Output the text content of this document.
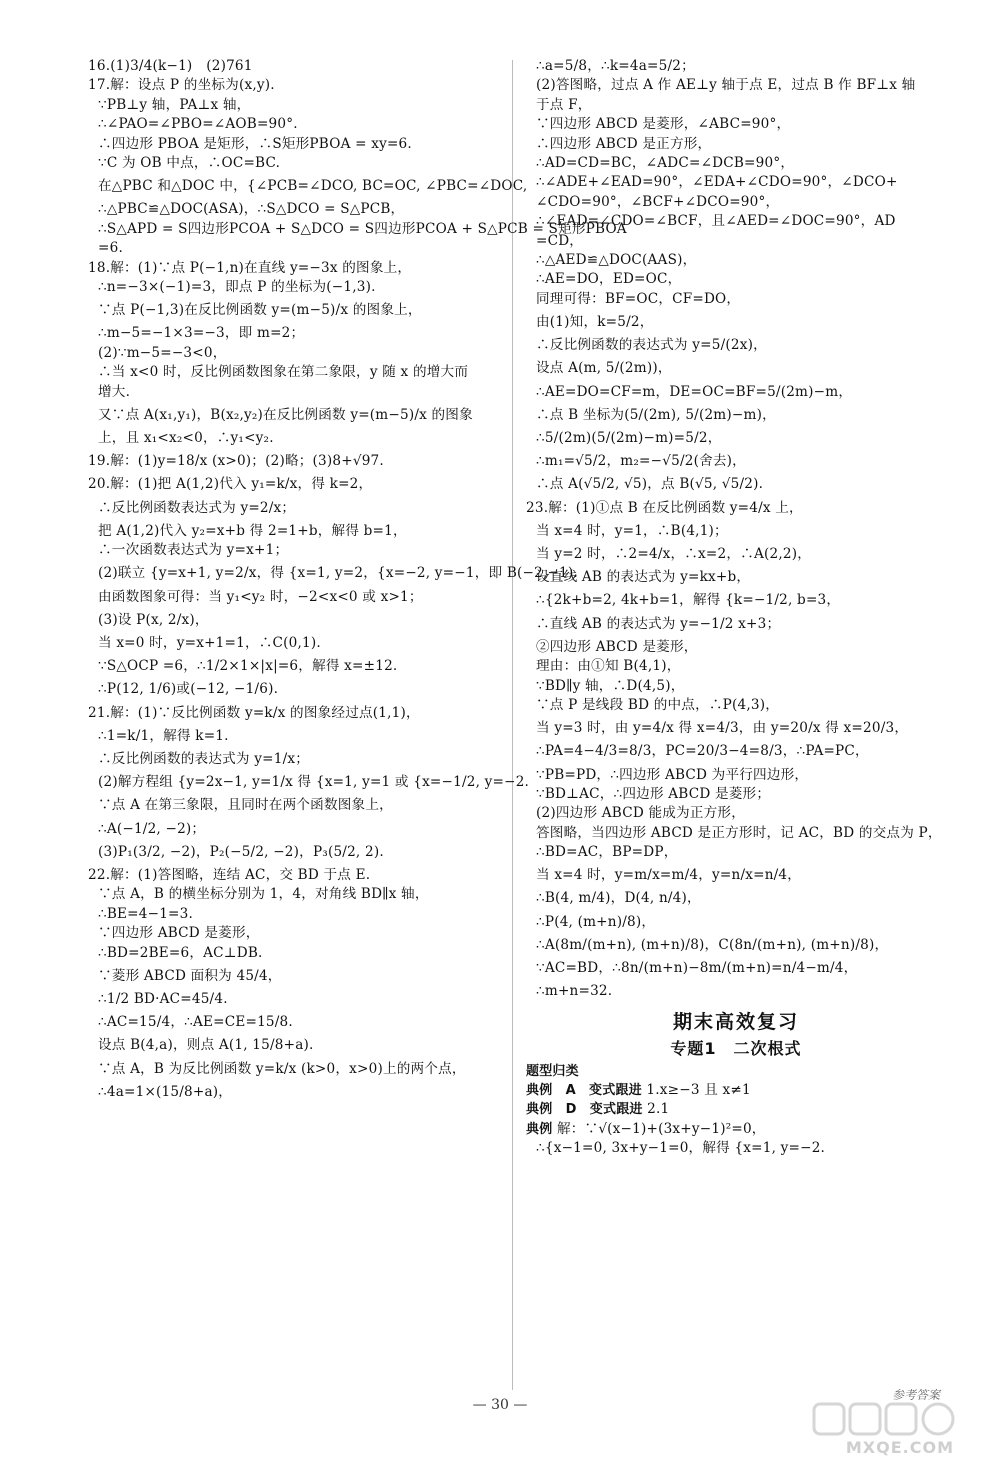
16.(1)3/4(k−1)　(2)761
17.解：设点 P 的坐标为(x,y).
∵PB⊥y 轴，PA⊥x 轴，
∴∠PAO=∠PBO=∠AOB=90°.
∴四边形 PBOA 是矩形，∴S矩形PBOA = xy=6.
∵C 为 OB 中点，∴OC=BC.
在△PBC 和△DOC 中，{∠PCB=∠DCO, BC=OC, ∠PBC=∠DOC,
∴△PBC≌△DOC(ASA)，∴S△DCO = S△PCB，
∴S△APD = S四边形PCOA + S△DCO = S四边形PCOA + S△PCB = S矩形PBOA
=6.
18.解：(1)∵点 P(−1,n)在直线 y=−3x 的图象上，
∴n=−3×(−1)=3，即点 P 的坐标为(−1,3).
∵点 P(−1,3)在反比例函数 y=(m−5)/x 的图象上，
∴m−5=−1×3=−3，即 m=2；
(2)∵m−5=−3<0，
∴当 x<0 时，反比例函数图象在第二象限，y 随 x 的增大而
增大.
又∵点 A(x₁,y₁)，B(x₂,y₂)在反比例函数 y=(m−5)/x 的图象
上，且 x₁<x₂<0，∴y₁<y₂.
19.解：(1)y=18/x (x>0)；(2)略；(3)8+√97.
20.解：(1)把 A(1,2)代入 y₁=k/x，得 k=2，
∴反比例函数表达式为 y=2/x；
把 A(1,2)代入 y₂=x+b 得 2=1+b，解得 b=1，
∴一次函数表达式为 y=x+1；
(2)联立 {y=x+1, y=2/x，得 {x=1, y=2，{x=−2, y=−1，即 B(−2,−1).
由函数图象可得：当 y₁<y₂ 时，−2<x<0 或 x>1；
(3)设 P(x, 2/x)，
当 x=0 时，y=x+1=1，∴C(0,1).
∵S△OCP =6，∴1/2×1×|x|=6，解得 x=±12.
∴P(12, 1/6)或(−12, −1/6).
21.解：(1)∵反比例函数 y=k/x 的图象经过点(1,1)，
∴1=k/1，解得 k=1.
∴反比例函数的表达式为 y=1/x；
(2)解方程组 {y=2x−1, y=1/x 得 {x=1, y=1 或 {x=−1/2, y=−2.
∵点 A 在第三象限，且同时在两个函数图象上，
∴A(−1/2, −2)；
(3)P₁(3/2, −2)，P₂(−5/2, −2)，P₃(5/2, 2).
22.解：(1)答图略，连结 AC，交 BD 于点 E.
∵点 A，B 的横坐标分别为 1，4，对角线 BD∥x 轴，
∴BE=4−1=3.
∵四边形 ABCD 是菱形，
∴BD=2BE=6，AC⊥DB.
∵菱形 ABCD 面积为 45/4，
∴1/2 BD·AC=45/4.
∴AC=15/4，∴AE=CE=15/8.
设点 B(4,a)，则点 A(1, 15/8+a).
∵点 A，B 为反比例函数 y=k/x (k>0，x>0)上的两个点，
∴4a=1×(15/8+a)，
∴a=5/8，∴k=4a=5/2；
(2)答图略，过点 A 作 AE⊥y 轴于点 E，过点 B 作 BF⊥x 轴
于点 F，
∵四边形 ABCD 是菱形，∠ABC=90°，
∴四边形 ABCD 是正方形，
∴AD=CD=BC，∠ADC=∠DCB=90°，
∴∠ADE+∠EAD=90°，∠EDA+∠CDO=90°，∠DCO+
∠CDO=90°，∠BCF+∠DCO=90°，
∴∠EAD=∠CDO=∠BCF，且∠AED=∠DOC=90°，AD
=CD，
∴△AED≌△DOC(AAS)，
∴AE=DO，ED=OC，
同理可得：BF=OC，CF=DO，
由(1)知，k=5/2，
∴反比例函数的表达式为 y=5/(2x)，
设点 A(m, 5/(2m))，
∴AE=DO=CF=m，DE=OC=BF=5/(2m)−m，
∴点 B 坐标为(5/(2m), 5/(2m)−m)，
∴5/(2m)(5/(2m)−m)=5/2，
∴m₁=√5/2，m₂=−√5/2(舍去)，
∴点 A(√5/2, √5)，点 B(√5, √5/2).
23.解：(1)①点 B 在反比例函数 y=4/x 上，
当 x=4 时，y=1，∴B(4,1)；
当 y=2 时，∴2=4/x，∴x=2，∴A(2,2)，
设直线 AB 的表达式为 y=kx+b，
∴{2k+b=2, 4k+b=1，解得 {k=−1/2, b=3，
∴直线 AB 的表达式为 y=−1/2 x+3；
②四边形 ABCD 是菱形，
理由：由①知 B(4,1)，
∵BD∥y 轴，∴D(4,5)，
∵点 P 是线段 BD 的中点，∴P(4,3)，
当 y=3 时，由 y=4/x 得 x=4/3，由 y=20/x 得 x=20/3，
∴PA=4−4/3=8/3，PC=20/3−4=8/3，∴PA=PC，
∵PB=PD，∴四边形 ABCD 为平行四边形，
∵BD⊥AC，∴四边形 ABCD 是菱形；
(2)四边形 ABCD 能成为正方形，
答图略，当四边形 ABCD 是正方形时，记 AC，BD 的交点为 P，
∴BD=AC，BP=DP，
当 x=4 时，y=m/x=m/4，y=n/x=n/4，
∴B(4, m/4)，D(4, n/4)，
∴P(4, (m+n)/8)，
∴A(8m/(m+n), (m+n)/8)，C(8n/(m+n), (m+n)/8)，
∵AC=BD，∴8n/(m+n)−8m/(m+n)=n/4−m/4，
∴m+n=32.
期末高效复习
专题1　二次根式
题型归类
典例　A　变式跟进 1.x≥−3 且 x≠1
典例　D　变式跟进 2.1
典例 解：∵√(x−1)+(3x+y−1)²=0，
∴{x−1=0, 3x+y−1=0，解得 {x=1, y=−2.
— 30 —
参考答案
MXQE.COM
